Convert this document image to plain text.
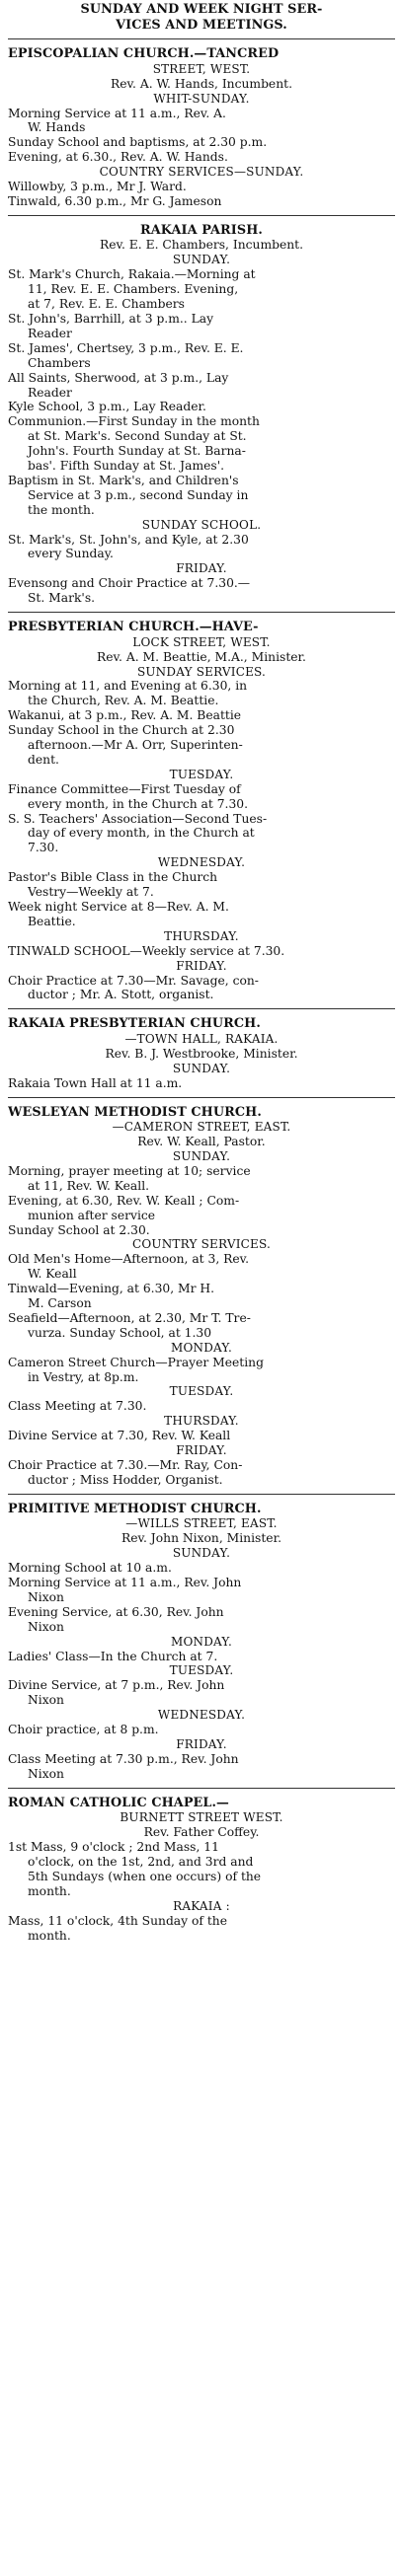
SUNDAY AND WEEK NIGHT SER-
VICES AND MEETINGS.
EPISCOPALIAN CHURCH.—TANCRED
STREET, WEST.
Rev. A. W. Hands, Incumbent.
WHIT-SUNDAY.
Morning Service at 11 a.m., Rev. A.
W. Hands
Sunday School and baptisms, at 2.30 p.m.
Evening, at 6.30., Rev. A. W. Hands.
COUNTRY SERVICES—SUNDAY.
Willowby, 3 p.m., Mr J. Ward.
Tinwald, 6.30 p.m., Mr G. Jameson
RAKAIA PARISH.
Rev. E. E. Chambers, Incumbent.
SUNDAY.
St. Mark's Church, Rakaia.—Morning at
11, Rev. E. E. Chambers. Evening,
at 7, Rev. E. E. Chambers
St. John's, Barrhill, at 3 p.m.. Lay
Reader
St. James', Chertsey, 3 p.m., Rev. E. E.
Chambers
All Saints, Sherwood, at 3 p.m., Lay
Reader
Kyle School, 3 p.m., Lay Reader.
Communion.—First Sunday in the month
at St. Mark's. Second Sunday at St.
John's. Fourth Sunday at St. Barna-
bas'. Fifth Sunday at St. James'.
Baptism in St. Mark's, and Children's
Service at 3 p.m., second Sunday in
the month.
SUNDAY SCHOOL.
St. Mark's, St. John's, and Kyle, at 2.30
every Sunday.
FRIDAY.
Evensong and Choir Practice at 7.30.—
St. Mark's.
PRESBYTERIAN CHURCH.—HAVE-
LOCK STREET, WEST.
Rev. A. M. Beattie, M.A., Minister.
SUNDAY SERVICES.
Morning at 11, and Evening at 6.30, in
the Church, Rev. A. M. Beattie.
Wakanui, at 3 p.m., Rev. A. M. Beattie
Sunday School in the Church at 2.30
afternoon.—Mr A. Orr, Superinten-
dent.
TUESDAY.
Finance Committee—First Tuesday of
every month, in the Church at 7.30.
S. S. Teachers' Association—Second Tues-
day of every month, in the Church at
7.30.
WEDNESDAY.
Pastor's Bible Class in the Church
Vestry—Weekly at 7.
Week night Service at 8—Rev. A. M.
Beattie.
THURSDAY.
TINWALD SCHOOL—Weekly service at 7.30.
FRIDAY.
Choir Practice at 7.30—Mr. Savage, con-
ductor ; Mr. A. Stott, organist.
RAKAIA PRESBYTERIAN CHURCH.
—TOWN HALL, RAKAIA.
Rev. B. J. Westbrooke, Minister.
SUNDAY.
Rakaia Town Hall at 11 a.m.
WESLEYAN METHODIST CHURCH.
—CAMERON STREET, EAST.
Rev. W. Keall, Pastor.
SUNDAY.
Morning, prayer meeting at 10; service
at 11, Rev. W. Keall.
Evening, at 6.30, Rev. W. Keall ; Com-
munion after service
Sunday School at 2.30.
COUNTRY SERVICES.
Old Men's Home—Afternoon, at 3, Rev.
W. Keall
Tinwald—Evening, at 6.30, Mr H.
M. Carson
Seafield—Afternoon, at 2.30, Mr T. Tre-
vurza. Sunday School, at 1.30
MONDAY.
Cameron Street Church—Prayer Meeting
in Vestry, at 8p.m.
TUESDAY.
Class Meeting at 7.30.
THURSDAY.
Divine Service at 7.30, Rev. W. Keall
FRIDAY.
Choir Practice at 7.30.—Mr. Ray, Con-
ductor ; Miss Hodder, Organist.
PRIMITIVE METHODIST CHURCH.
—WILLS STREET, EAST.
Rev. John Nixon, Minister.
SUNDAY.
Morning School at 10 a.m.
Morning Service at 11 a.m., Rev. John
Nixon
Evening Service, at 6.30, Rev. John
Nixon
MONDAY.
Ladies' Class—In the Church at 7.
TUESDAY.
Divine Service, at 7 p.m., Rev. John
Nixon
WEDNESDAY.
Choir practice, at 8 p.m.
FRIDAY.
Class Meeting at 7.30 p.m., Rev. John
Nixon
ROMAN CATHOLIC CHAPEL.—
BURNETT STREET WEST.
Rev. Father Coffey.
1st Mass, 9 o'clock ; 2nd Mass, 11
o'clock, on the 1st, 2nd, and 3rd and
5th Sundays (when one occurs) of the
month.
RAKAIA :
Mass, 11 o'clock, 4th Sunday of the
month.
